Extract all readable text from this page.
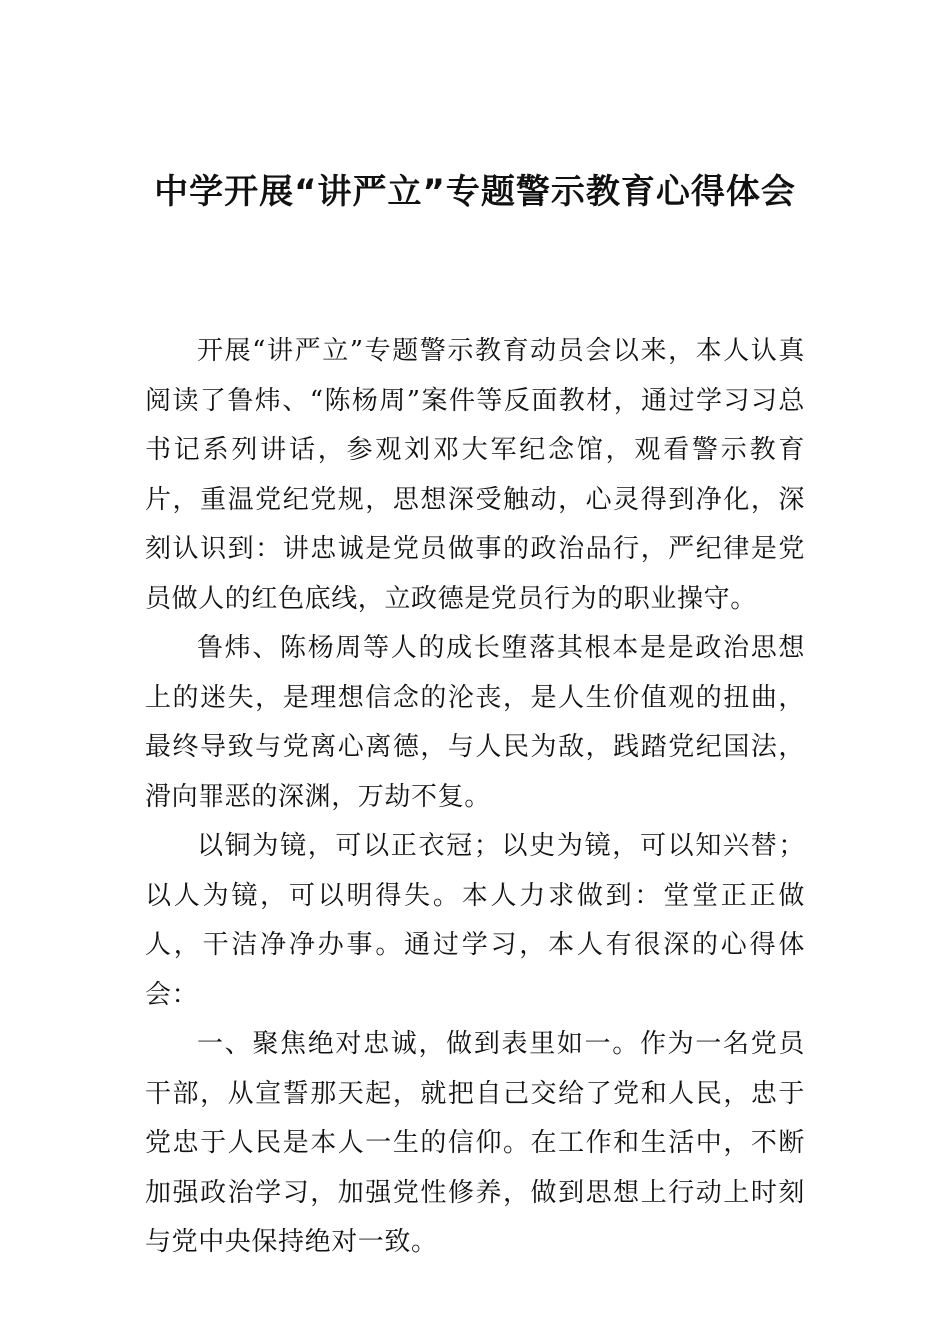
中学开展“讲严立”专题警示教育心得体会

开展“讲严立”专题警示教育动员会以来，本人认真阅读了鲁炜、“陈杨周”案件等反面教材，通过学习习总书记系列讲话，参观刘邓大军纪念馆，观看警示教育片，重温党纪党规，思想深受触动，心灵得到净化，深刻认识到：讲忠诚是党员做事的政治品行，严纪律是党员做人的红色底线，立政德是党员行为的职业操守。

鲁炜、陈杨周等人的成长堕落其根本是是政治思想上的迷失，是理想信念的沦丧，是人生价值观的扭曲，最终导致与党离心离德，与人民为敌，践踏党纪国法，滑向罪恶的深渊，万劫不复。

以铜为镜，可以正衣冠；以史为镜，可以知兴替；以人为镜，可以明得失。本人力求做到：堂堂正正做人，干洁净净办事。通过学习，本人有很深的心得体会：

一、聚焦绝对忠诚，做到表里如一。作为一名党员干部，从宣誓那天起，就把自己交给了党和人民，忠于党忠于人民是本人一生的信仰。在工作和生活中，不断加强政治学习，加强党性修养，做到思想上行动上时刻与党中央保持绝对一致。
